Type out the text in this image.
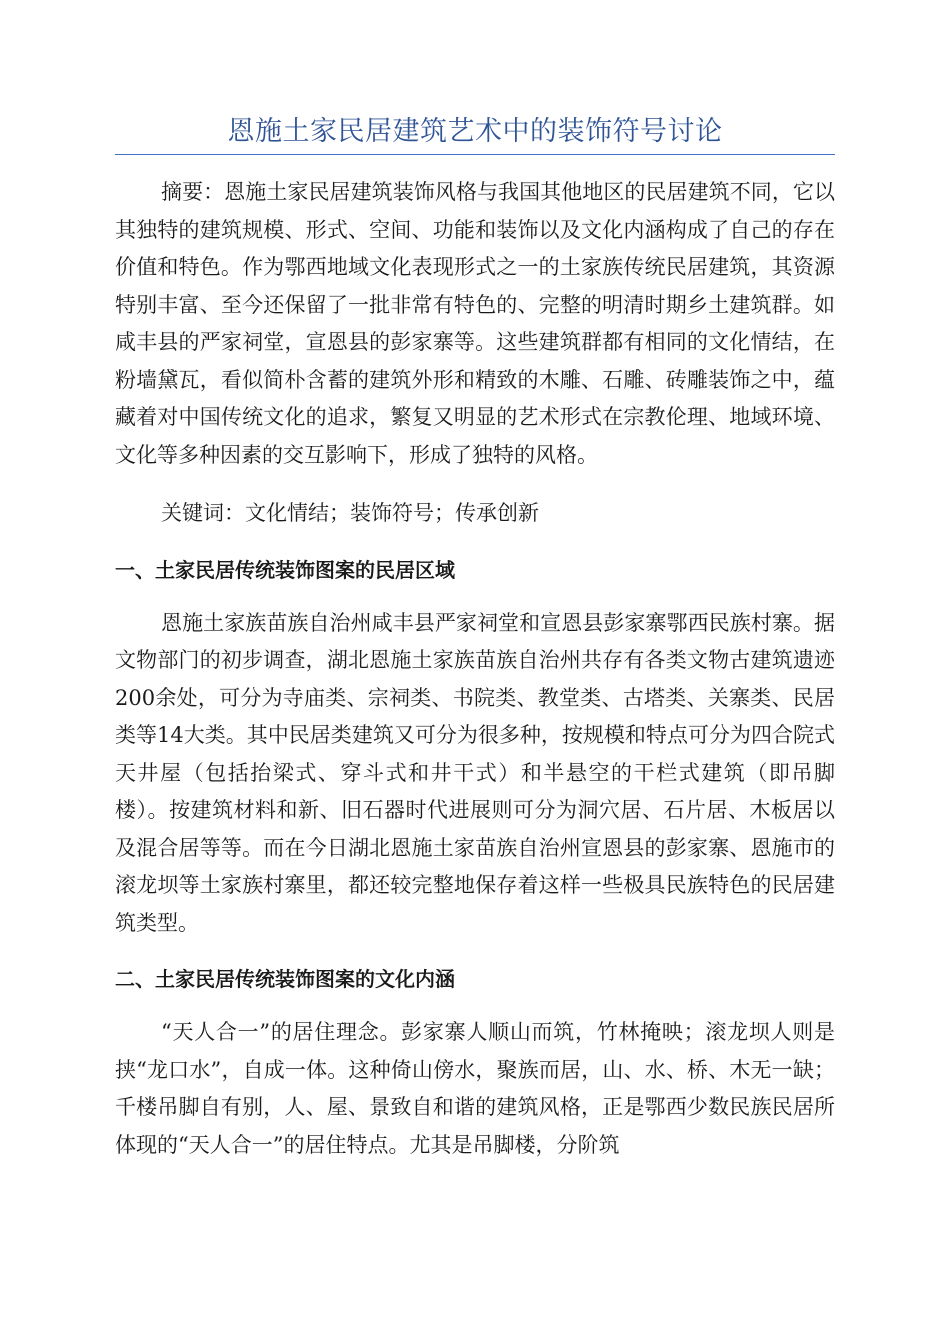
恩施土家民居建筑艺术中的装饰符号讨论

摘要：恩施土家民居建筑装饰风格与我国其他地区的民居建筑不同，它以其独特的建筑规模、形式、空间、功能和装饰以及文化内涵构成了自己的存在价值和特色。作为鄂西地域文化表现形式之一的土家族传统民居建筑，其资源特别丰富、至今还保留了一批非常有特色的、完整的明清时期乡土建筑群。如咸丰县的严家祠堂，宣恩县的彭家寨等。这些建筑群都有相同的文化情结，在粉墙黛瓦，看似简朴含蓄的建筑外形和精致的木雕、石雕、砖雕装饰之中，蕴藏着对中国传统文化的追求，繁复又明显的艺术形式在宗教伦理、地域环境、文化等多种因素的交互影响下，形成了独特的风格。

关键词：文化情结；装饰符号；传承创新

一、土家民居传统装饰图案的民居区域

恩施土家族苗族自治州咸丰县严家祠堂和宣恩县彭家寨鄂西民族村寨。据文物部门的初步调查，湖北恩施土家族苗族自治州共存有各类文物古建筑遗迹200余处，可分为寺庙类、宗祠类、书院类、教堂类、古塔类、关寨类、民居类等14大类。其中民居类建筑又可分为很多种，按规模和特点可分为四合院式天井屋（包括抬梁式、穿斗式和井干式）和半悬空的干栏式建筑（即吊脚楼）。按建筑材料和新、旧石器时代进展则可分为洞穴居、石片居、木板居以及混合居等等。而在今日湖北恩施土家苗族自治州宣恩县的彭家寨、恩施市的滚龙坝等土家族村寨里，都还较完整地保存着这样一些极具民族特色的民居建筑类型。

二、土家民居传统装饰图案的文化内涵

“天人合一”的居住理念。彭家寨人顺山而筑，竹林掩映；滚龙坝人则是挟“龙口水”，自成一体。这种倚山傍水，聚族而居，山、水、桥、木无一缺；千楼吊脚自有别，人、屋、景致自和谐的建筑风格，正是鄂西少数民族民居所体现的“天人合一”的居住特点。尤其是吊脚楼，分阶筑
